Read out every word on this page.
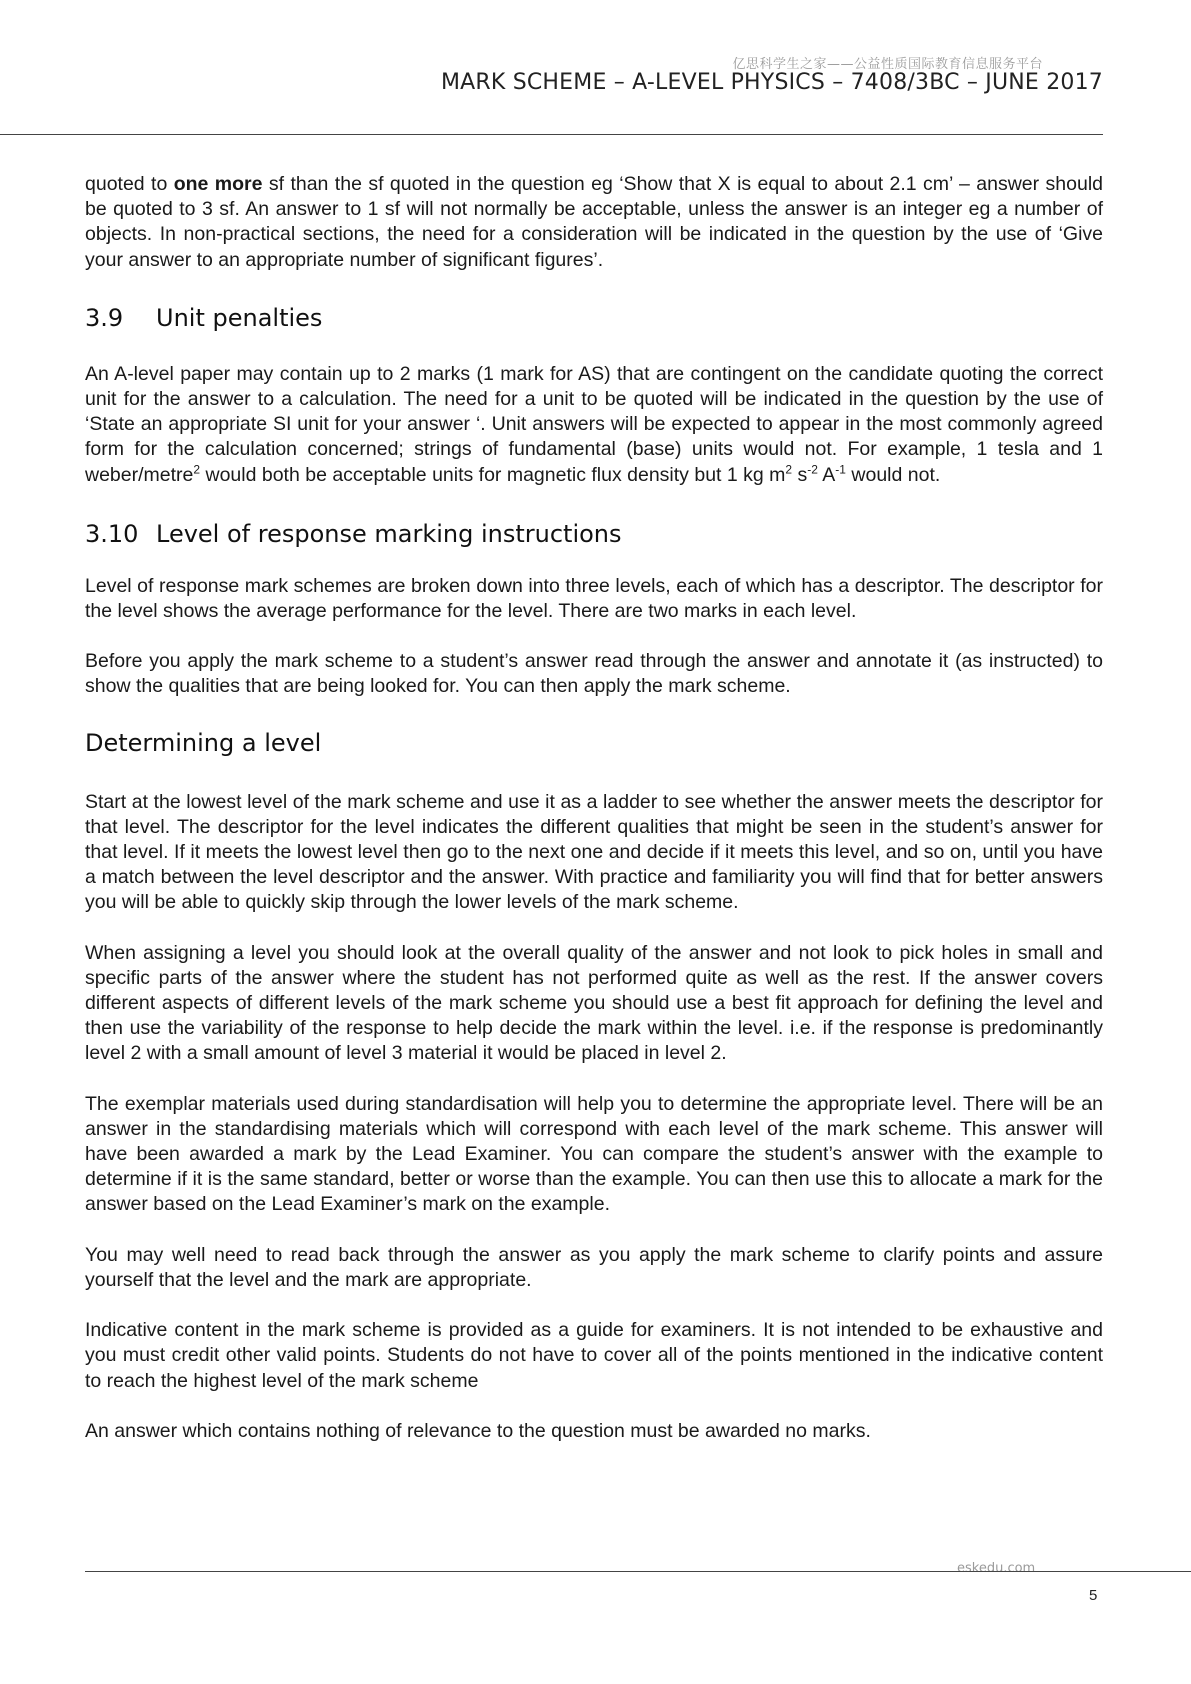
亿思科学生之家——公益性质国际教育信息服务平台
MARK SCHEME – A-LEVEL PHYSICS – 7408/3BC – JUNE 2017

quoted to one more sf than the sf quoted in the question eg ‘Show that X is equal to about 2.1 cm’ – answer should be quoted to 3 sf. An answer to 1 sf will not normally be acceptable, unless the answer is an integer eg a number of objects. In non-practical sections, the need for a consideration will be indicated in the question by the use of ‘Give your answer to an appropriate number of significant figures’.

3.9 Unit penalties

An A-level paper may contain up to 2 marks (1 mark for AS) that are contingent on the candidate quoting the correct unit for the answer to a calculation. The need for a unit to be quoted will be indicated in the question by the use of ‘State an appropriate SI unit for your answer ‘. Unit answers will be expected to appear in the most commonly agreed form for the calculation concerned; strings of fundamental (base) units would not. For example, 1 tesla and 1 weber/metre$^2$ would both be acceptable units for magnetic flux density but 1 kg $m^2$ $s^{-2}$ $A^{-1}$ would not.

3.10 Level of response marking instructions

Level of response mark schemes are broken down into three levels, each of which has a descriptor. The descriptor for the level shows the average performance for the level. There are two marks in each level.

Before you apply the mark scheme to a student’s answer read through the answer and annotate it (as instructed) to show the qualities that are being looked for. You can then apply the mark scheme.

Determining a level

Start at the lowest level of the mark scheme and use it as a ladder to see whether the answer meets the descriptor for that level. The descriptor for the level indicates the different qualities that might be seen in the student’s answer for that level. If it meets the lowest level then go to the next one and decide if it meets this level, and so on, until you have a match between the level descriptor and the answer. With practice and familiarity you will find that for better answers you will be able to quickly skip through the lower levels of the mark scheme.

When assigning a level you should look at the overall quality of the answer and not look to pick holes in small and specific parts of the answer where the student has not performed quite as well as the rest. If the answer covers different aspects of different levels of the mark scheme you should use a best fit approach for defining the level and then use the variability of the response to help decide the mark within the level. i.e. if the response is predominantly level 2 with a small amount of level 3 material it would be placed in level 2.

The exemplar materials used during standardisation will help you to determine the appropriate level. There will be an answer in the standardising materials which will correspond with each level of the mark scheme. This answer will have been awarded a mark by the Lead Examiner. You can compare the student’s answer with the example to determine if it is the same standard, better or worse than the example. You can then use this to allocate a mark for the answer based on the Lead Examiner’s mark on the example.

You may well need to read back through the answer as you apply the mark scheme to clarify points and assure yourself that the level and the mark are appropriate.

Indicative content in the mark scheme is provided as a guide for examiners. It is not intended to be exhaustive and you must credit other valid points. Students do not have to cover all of the points mentioned in the indicative content to reach the highest level of the mark scheme

An answer which contains nothing of relevance to the question must be awarded no marks.

eskedu.com
5
